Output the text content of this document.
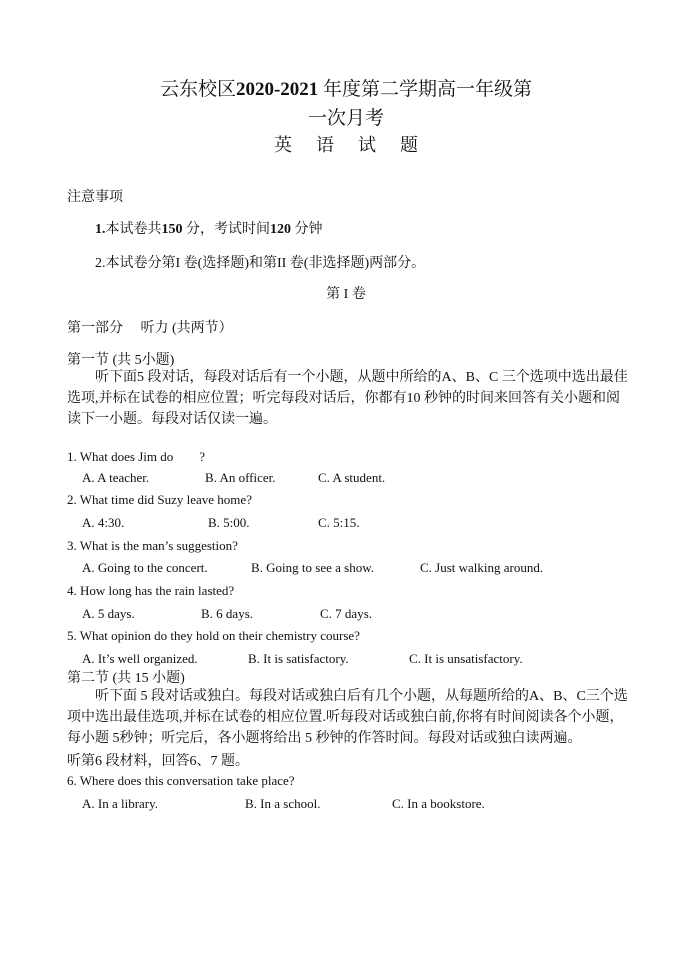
云东校区2020-2021 年度第二学期高一年级第
一次月考
英 语 试 题
注意事项
1.本试卷共150 分，考试时间120 分钟
2.本试卷分第I 卷(选择题)和第II 卷(非选择题)两部分。
第 I 卷
第一部分　 听力 (共两节）
第一节 (共 5小题)
听下面5 段对话，每段对话后有一个小题，从题中所给的A、B、C 三个选项中选出最佳选项,并标在试卷的相应位置；听完每段对话后，你都有10 秒钟的时间来回答有关小题和阅读下一小题。每段对话仅读一遍。
1. What does Jim do　　?
A. A teacher.	B. An officer.	C. A student.
2. What time did Suzy leave home?
A. 4:30.	B. 5:00.	C. 5:15.
3. What is the man’s suggestion?
A. Going to the concert.	B. Going to see a show.	C. Just walking around.
4. How long has the rain lasted?
A. 5 days.	B. 6 days.	C. 7 days.
5. What opinion do they hold on their chemistry course?
A. It’s well organized.	B. It is satisfactory.	C. It is unsatisfactory.
第二节 (共 15 小题)
听下面 5 段对话或独白。每段对话或独白后有几个小题，从每题所给的A、B、C三个选项中选出最佳选项,并标在试卷的相应位置.听每段对话或独白前,你将有时间阅读各个小题，每小题 5秒钟；听完后，各小题将给出 5 秒钟的作答时间。每段对话或独白读两遍。
听第6 段材料，回答6、7 题。
6. Where does this conversation take place?
A. In a library.	B. In a school.	C. In a bookstore.
